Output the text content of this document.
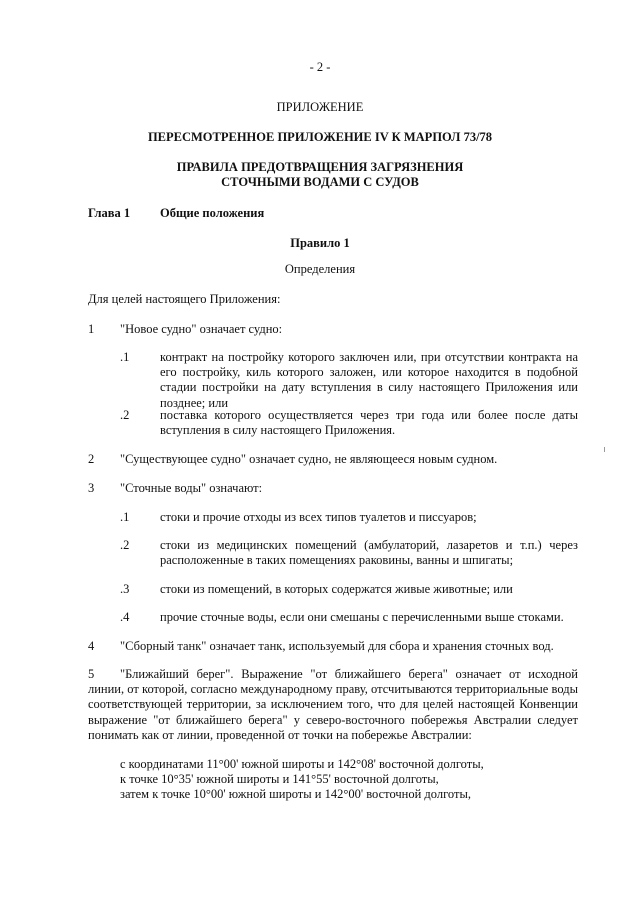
- 2 -

ПРИЛОЖЕНИЕ

ПЕРЕСМОТРЕННОЕ ПРИЛОЖЕНИЕ IV К МАРПОЛ 73/78

ПРАВИЛА ПРЕДОТВРАЩЕНИЯ ЗАГРЯЗНЕНИЯ

СТОЧНЫМИ ВОДАМИ С СУДОВ

Глава 1 Общие положения

Правило 1

Определения

Для целей настоящего Приложения:

1 "Новое судно" означает судно:

.1 контракт на постройку которого заключен или, при отсутствии контракта на его постройку, киль которого заложен, или которое находится в подобной стадии постройки на дату вступления в силу настоящего Приложения или позднее; или

.2 поставка которого осуществляется через три года или более после даты вступления в силу настоящего Приложения.

2 "Существующее судно" означает судно, не являющееся новым судном.

3 "Сточные воды" означают:

.1 стоки и прочие отходы из всех типов туалетов и писсуаров;

.2 стоки из медицинских помещений (амбулаторий, лазаретов и т.п.) через расположенные в таких помещениях раковины, ванны и шпигаты;

.3 стоки из помещений, в которых содержатся живые животные; или

.4 прочие сточные воды, если они смешаны с перечисленными выше стоками.

4 "Сборный танк" означает танк, используемый для сбора и хранения сточных вод.

5	"Ближайший берег". Выражение "от ближайшего берега" означает от исходной линии, от которой, согласно международному праву, отсчитываются территориальные воды соответствующей территории, за исключением того, что для целей настоящей Конвенции выражение "от ближайшего берега" у северо-восточного побережья Австралии следует понимать как от линии, проведенной от точки на побережье Австралии:

с координатами 11°00' южной широты и 142°08' восточной долготы,

к точке 10°35' южной широты и 141°55' восточной долготы,

затем к точке 10°00' южной широты и 142°00' восточной долготы,
